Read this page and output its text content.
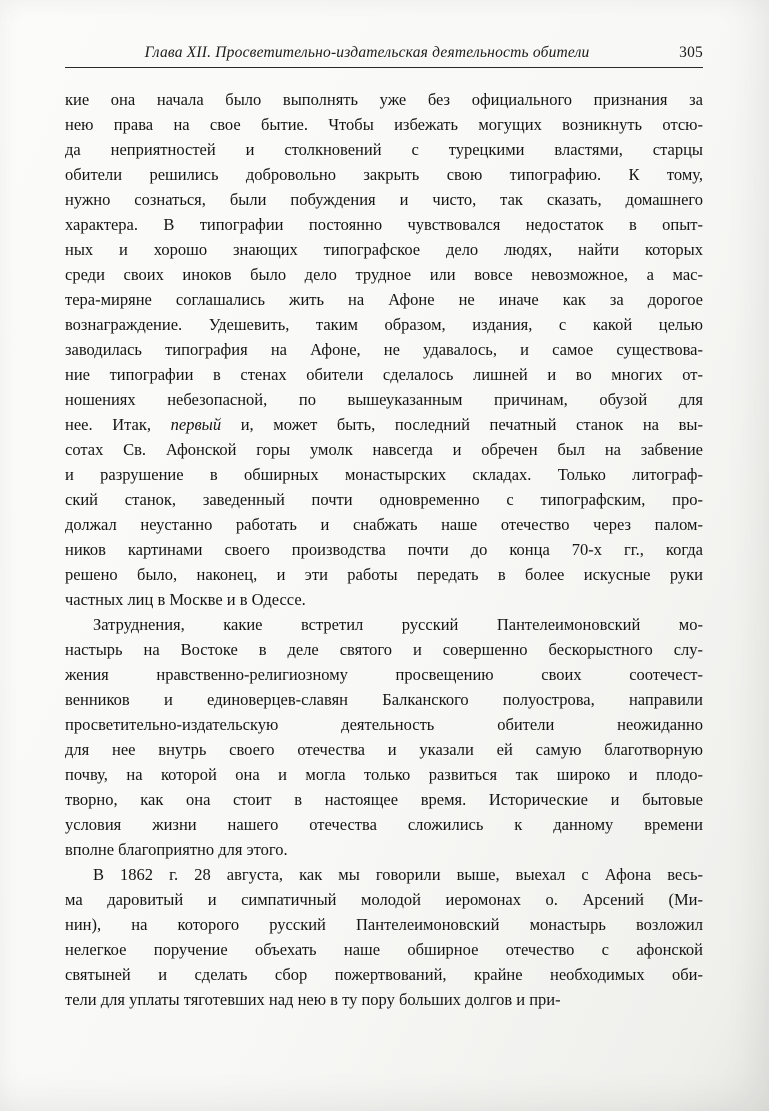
Глава XII. Просветительно-издательская деятельность обители	305
кие она начала было выполнять уже без официального признания за
нею права на свое бытие. Чтобы избежать могущих возникнуть отсю-
да неприятностей и столкновений с турецкими властями, старцы
обители решились добровольно закрыть свою типографию. К тому,
нужно сознаться, были побуждения и чисто, так сказать, домашнего
характера. В типографии постоянно чувствовался недостаток в опыт-
ных и хорошо знающих типографское дело людях, найти которых
среди своих иноков было дело трудное или вовсе невозможное, а мас-
тера-миряне соглашались жить на Афоне не иначе как за дорогое
вознаграждение. Удешевить, таким образом, издания, с какой целью
заводилась типография на Афоне, не удавалось, и самое существова-
ние типографии в стенах обители сделалось лишней и во многих от-
ношениях небезопасной, по вышеуказанным причинам, обузой для
нее. Итак, первый и, может быть, последний печатный станок на вы-
сотах Св. Афонской горы умолк навсегда и обречен был на забвение
и разрушение в обширных монастырских складах. Только литограф-
ский станок, заведенный почти одновременно с типографским, про-
должал неустанно работать и снабжать наше отечество через палом-
ников картинами своего производства почти до конца 70-х гг., когда
решено было, наконец, и эти работы передать в более искусные руки
частных лиц в Москве и в Одессе.
Затруднения, какие встретил русский Пантелеимоновский мо-
настырь на Востоке в деле святого и совершенно бескорыстного слу-
жения нравственно-религиозному просвещению своих соотечест-
венников и единоверцев-славян Балканского полуострова, направили
просветительно-издательскую деятельность обители неожиданно
для нее внутрь своего отечества и указали ей самую благотворную
почву, на которой она и могла только развиться так широко и плодо-
творно, как она стоит в настоящее время. Исторические и бытовые
условия жизни нашего отечества сложились к данному времени
вполне благоприятно для этого.
В 1862 г. 28 августа, как мы говорили выше, выехал с Афона весь-
ма даровитый и симпатичный молодой иеромонах о. Арсений (Ми-
нин), на которого русский Пантелеимоновский монастырь возложил
нелегкое поручение объехать наше обширное отечество с афонской
святыней и сделать сбор пожертвований, крайне необходимых оби-
тели для уплаты тяготевших над нею в ту пору больших долгов и при-
